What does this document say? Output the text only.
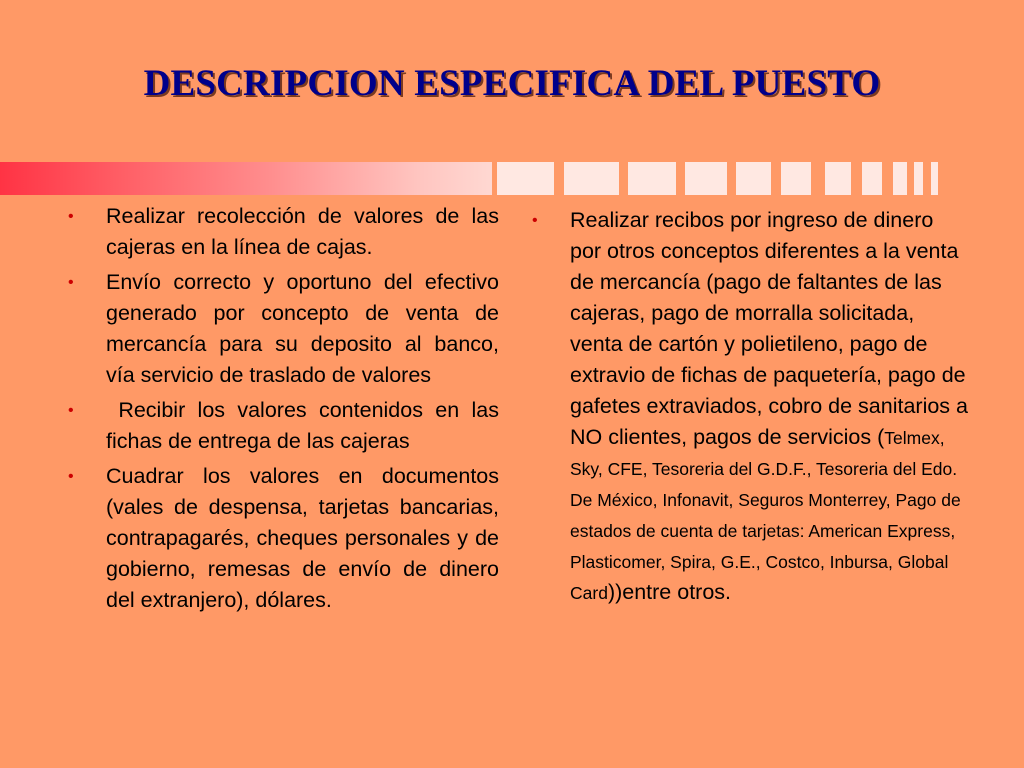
DESCRIPCION ESPECIFICA DEL PUESTO
• Realizar recolección de valores de las cajeras en la línea de cajas.
• Envío correcto y oportuno del efectivo generado por concepto de venta de mercancía para su deposito al banco, vía servicio de traslado de valores
• Recibir los valores contenidos en las fichas de entrega de las cajeras
• Cuadrar los valores en documentos (vales de despensa, tarjetas bancarias, contrapagarés, cheques personales y de gobierno, remesas de envío de dinero del extranjero), dólares.
• Realizar recibos por ingreso de dinero por otros conceptos diferentes a la venta de mercancía (pago de faltantes de las cajeras, pago de morralla solicitada, venta de cartón y polietileno, pago de extravio de fichas de paquetería, pago de gafetes extraviados, cobro de sanitarios a NO clientes, pagos de servicios (Telmex, Sky, CFE, Tesoreria del G.D.F., Tesoreria del Edo. De México, Infonavit, Seguros Monterrey, Pago de estados de cuenta de tarjetas: American Express, Plasticomer, Spira, G.E., Costco, Inbursa, Global Card))entre otros.
